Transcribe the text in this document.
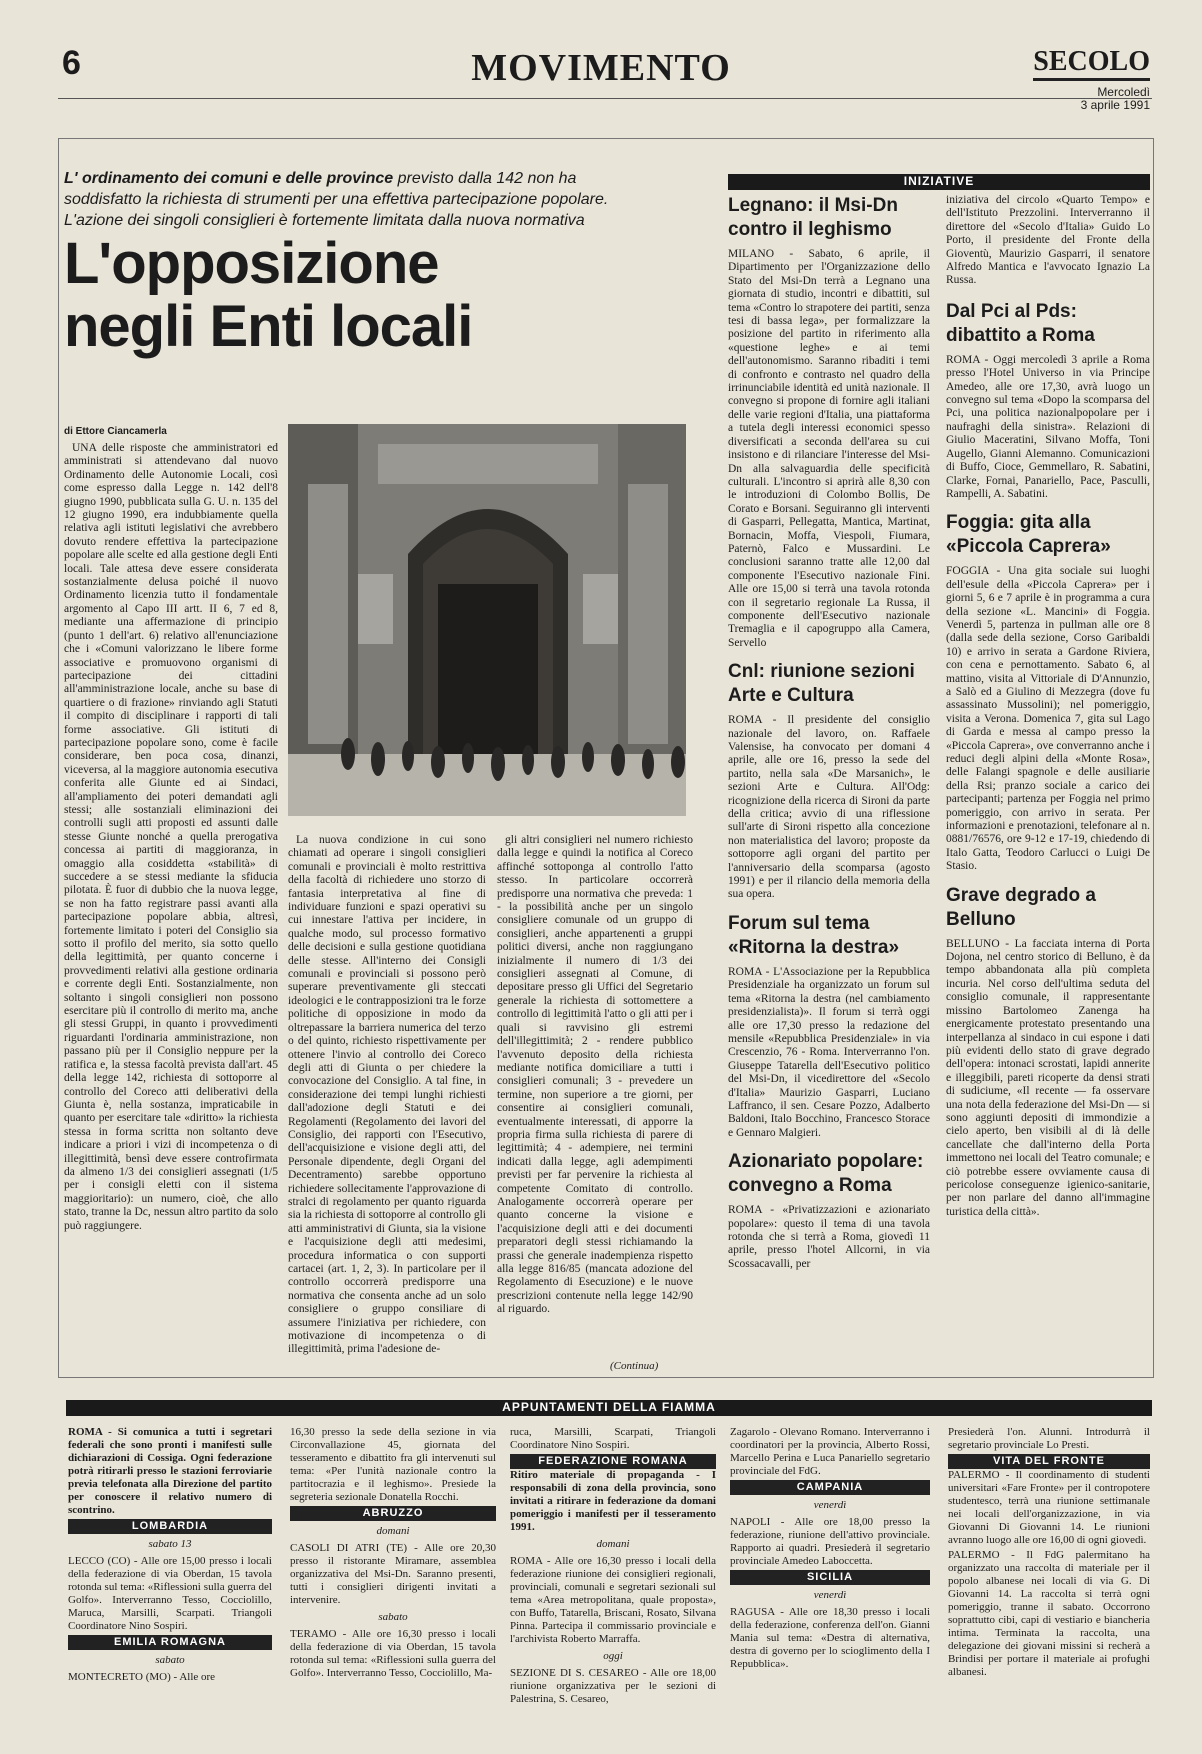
6	MOVIMENTO	SECOLO
Mercoledì
3 aprile 1991
L' ordinamento dei comuni e delle province previsto dalla 142 non ha soddisfatto la richiesta di strumenti per una effettiva partecipazione popolare. L'azione dei singoli consiglieri è fortemente limitata dalla nuova normativa
L'opposizione
negli Enti locali
di Ettore Ciancamerla

UNA delle risposte che amministratori ed amministrati si attendevano dal nuovo Ordinamento delle Autonomie Locali, così come espresso dalla Legge n. 142 dell'8 giugno 1990, pubblicata sulla G. U. n. 135 del 12 giugno 1990, era indubbiamente quella relativa agli istituti legislativi che avrebbero dovuto rendere effettiva la partecipazione popolare alle scelte ed alla gestione degli Enti locali. Tale attesa deve essere considerata sostanzialmente delusa poiché il nuovo Ordinamento licenzia tutto il fondamentale argomento al Capo III artt. II 6, 7 ed 8, mediante una affermazione di principio (punto 1 dell'art. 6) relativo all'enunciazione che i «Comuni valorizzano le libere forme associative e promuovono organismi di partecipazione dei cittadini all'amministrazione locale, anche su base di quartiere o di frazione» rinviando agli Statuti il compito di disciplinare i rapporti di tali forme associative. Gli istituti di partecipazione popolare sono, come è facile considerare, ben poca cosa, dinanzi, viceversa, al la maggiore autonomia esecutiva conferita alle Giunte ed ai Sindaci, all'ampliamento dei poteri demandati agli stessi; alle sostanziali eliminazioni dei controlli sugli atti proposti ed assunti dalle stesse Giunte nonché a quella prerogativa concessa ai partiti di maggioranza, in omaggio alla cosiddetta «stabilità» di succedere a se stessi mediante la sfiducia pilotata. È fuor di dubbio che la nuova legge, se non ha fatto registrare passi avanti alla partecipazione popolare abbia, altresì, fortemente limitato i poteri del Consiglio sia sotto il profilo del merito, sia sotto quello della legittimità, per quanto concerne i provvedimenti relativi alla gestione ordinaria e corrente degli Enti. Sostanzialmente, non soltanto i singoli consiglieri non possono esercitare più il controllo di merito ma, anche gli stessi Gruppi, in quanto i provvedimenti riguardanti l'ordinaria amministrazione, non passano più per il Consiglio neppure per la ratifica e, la stessa facoltà prevista dall'art. 45 della legge 142, richiesta di sottoporre al controllo del Coreco atti deliberativi della Giunta è, nella sostanza, impraticabile in quanto per esercitare tale «diritto» la richiesta stessa in forma scritta non soltanto deve indicare a priori i vizi di incompetenza o di illegittimità, bensì deve essere controfirmata da almeno 1/3 dei consiglieri assegnati (1/5 per i consigli eletti con il sistema maggioritario): un numero, cioè, che allo stato, tranne la Dc, nessun altro partito da solo può raggiungere.

La nuova condizione in cui sono chiamati ad operare i singoli consiglieri comunali e provinciali è molto restrittiva della facoltà di richiedere uno storzo di fantasia interpretativa al fine di individuare funzioni e spazi operativi su cui innestare l'attiva per incidere, in qualche modo, sul processo formativo delle decisioni e sulla gestione quotidiana delle stesse. All'interno dei Consigli comunali e provinciali si possono però superare preventivamente gli steccati ideologici e le contrapposizioni tra le forze politiche di opposizione in modo da oltrepassare la barriera numerica del terzo o del quinto, richiesto rispettivamente per ottenere l'invio al controllo dei Coreco degli atti di Giunta o per chiedere la convocazione del Consiglio. A tal fine, in considerazione dei tempi lunghi richiesti dall'adozione degli Statuti e dei Regolamenti (Regolamento dei lavori del Consiglio, dei rapporti con l'Esecutivo, dell'acquisizione e visione degli atti, del Personale dipendente, degli Organi del Decentramento) sarebbe opportuno richiedere sollecitamente l'approvazione di stralci di regolamento per quanto riguarda sia la richiesta di sottoporre al controllo gli atti amministrativi di Giunta, sia la visione e l'acquisizione degli atti medesimi, procedura informatica o con supporti cartacei (art. 1, 2, 3). In particolare per il controllo occorrerà predisporre una normativa che consenta anche ad un solo consigliere o gruppo consiliare di assumere l'iniziativa per richiedere, con motivazione di incompetenza o di illegittimità, prima l'adesione de-

gli altri consiglieri nel numero richiesto dalla legge e quindi la notifica al Coreco affinché sottoponga al controllo l'atto stesso. In particolare occorrerà predisporre una normativa che preveda: 1 - la possibilità anche per un singolo consigliere comunale od un gruppo di consiglieri, anche appartenenti a gruppi politici diversi, anche non raggiungano inizialmente il numero di 1/3 dei consiglieri assegnati al Comune, di depositare presso gli Uffici del Segretario generale la richiesta di sottomettere a controllo di legittimità l'atto o gli atti per i quali si ravvisino gli estremi dell'illegittimità; 2 - rendere pubblico l'avvenuto deposito della richiesta mediante notifica domiciliare a tutti i consiglieri comunali; 3 - prevedere un termine, non superiore a tre giorni, per consentire ai consiglieri comunali, eventualmente interessati, di apporre la propria firma sulla richiesta di parere di legittimità; 4 - adempiere, nei termini indicati dalla legge, agli adempimenti previsti per far pervenire la richiesta al competente Comitato di controllo. Analogamente occorrerà operare per quanto concerne la visione e l'acquisizione degli atti e dei documenti preparatori degli stessi richiamando la prassi che generale inadempienza rispetto alla legge 816/85 (mancata adozione del Regolamento di Esecuzione) e le nuove prescrizioni contenute nella legge 142/90 al riguardo.

(Continua)
INIZIATIVE
Legnano: il Msi-Dn contro il leghismo
MILANO - Sabato, 6 aprile, il Dipartimento per l'Organizzazione dello Stato del Msi-Dn terrà a Legnano una giornata di studio, incontri e dibattiti, sul tema «Contro lo strapotere dei partiti, senza tesi di bassa lega», per formalizzare la posizione del partito in riferimento alla «questione leghe» e ai temi dell'autonomismo. Saranno ribaditi i temi di confronto e contrasto nel quadro della irrinunciabile identità ed unità nazionale. Il convegno si propone di fornire agli italiani delle varie regioni d'Italia, una piattaforma a tutela degli interessi economici spesso diversificati a seconda dell'area su cui insistono e di rilanciare l'interesse del Msi-Dn alla salvaguardia delle specificità culturali. L'incontro si aprirà alle 8,30 con le introduzioni di Colombo Bollis, De Corato e Borsani. Seguiranno gli interventi di Gasparri, Pellegatta, Mantica, Martinat, Bornacin, Moffa, Viespoli, Fiumara, Paternò, Falco e Mussardini. Le conclusioni saranno tratte alle 12,00 dal componente l'Esecutivo nazionale Fini. Alle ore 15,00 si terrà una tavola rotonda con il segretario regionale La Russa, il componente dell'Esecutivo nazionale Tremaglia e il capogruppo alla Camera, Servello
Cnl: riunione sezioni Arte e Cultura
ROMA - Il presidente del consiglio nazionale del lavoro, on. Raffaele Valensise, ha convocato per domani 4 aprile, alle ore 16, presso la sede del partito, nella sala «De Marsanich», le sezioni Arte e Cultura. All'Odg: ricognizione della ricerca di Sironi da parte della critica; avvio di una riflessione sull'arte di Sironi rispetto alla concezione non materialistica del lavoro; proposte da sottoporre agli organi del partito per l'anniversario della scomparsa (agosto 1991) e per il rilancio della memoria della sua opera.
Forum sul tema «Ritorna la destra»
ROMA - L'Associazione per la Repubblica Presidenziale ha organizzato un forum sul tema «Ritorna la destra (nel cambiamento presidenzialista)». Il forum si terrà oggi alle ore 17,30 presso la redazione del mensile «Repubblica Presidenziale» in via Crescenzio, 76 - Roma. Interverranno l'on. Giuseppe Tatarella dell'Esecutivo politico del Msi-Dn, il vicedirettore del «Secolo d'Italia» Maurizio Gasparri, Luciano Laffranco, il sen. Cesare Pozzo, Adalberto Baldoni, Italo Bocchino, Francesco Storace e Gennaro Malgieri.
Azionariato popolare: convegno a Roma
ROMA - «Privatizzazioni e azionariato popolare»: questo il tema di una tavola rotonda che si terrà a Roma, giovedì 11 aprile, presso l'hotel Allcorni, in via Scossacavalli, per
iniziativa del circolo «Quarto Tempo» e dell'Istituto Prezzolini. Interverranno il direttore del «Secolo d'Italia» Guido Lo Porto, il presidente del Fronte della Gioventù, Maurizio Gasparri, il senatore Alfredo Mantica e l'avvocato Ignazio La Russa.
Dal Pci al Pds: dibattito a Roma
ROMA - Oggi mercoledì 3 aprile a Roma presso l'Hotel Universo in via Principe Amedeo, alle ore 17,30, avrà luogo un convegno sul tema «Dopo la scomparsa del Pci, una politica nazionalpopolare per i naufraghi della sinistra». Relazioni di Giulio Maceratini, Silvano Moffa, Toni Augello, Gianni Alemanno. Comunicazioni di Buffo, Cioce, Gemmellaro, R. Sabatini, Clarke, Fornai, Panariello, Pace, Pasculli, Rampelli, A. Sabatini.
Foggia: gita alla «Piccola Caprera»
FOGGIA - Una gita sociale sui luoghi dell'esule della «Piccola Caprera» per i giorni 5, 6 e 7 aprile è in programma a cura della sezione «L. Mancini» di Foggia. Venerdì 5, partenza in pullman alle ore 8 (dalla sede della sezione, Corso Garibaldi 10) e arrivo in serata a Gardone Riviera, con cena e pernottamento. Sabato 6, al mattino, visita al Vittoriale di D'Annunzio, a Salò ed a Giulino di Mezzegra (dove fu assassinato Mussolini); nel pomeriggio, visita a Verona. Domenica 7, gita sul Lago di Garda e messa al campo presso la «Piccola Caprera», ove converranno anche i reduci degli alpini della «Monte Rosa», delle Falangi spagnole e delle ausiliarie della Rsi; pranzo sociale a carico dei partecipanti; partenza per Foggia nel primo pomeriggio, con arrivo in serata. Per informazioni e prenotazioni, telefonare al n. 0881/76576, ore 9-12 e 17-19, chiedendo di Italo Gatta, Teodoro Carlucci o Luigi De Stasio.
Grave degrado a Belluno
BELLUNO - La facciata interna di Porta Dojona, nel centro storico di Belluno, è da tempo abbandonata alla più completa incuria. Nel corso dell'ultima seduta del consiglio comunale, il rappresentante missino Bartolomeo Zanenga ha energicamente protestato presentando una interpellanza al sindaco in cui espone i dati più evidenti dello stato di grave degrado dell'opera: intonaci scrostati, lapidi annerite e illeggibili, pareti ricoperte da densi strati di sudiciume, «Il recente — fa osservare una nota della federazione del Msi-Dn — si sono aggiunti depositi di immondizie a cielo aperto, ben visibili al di là delle cancellate che dall'interno della Porta immettono nei locali del Teatro comunale; e ciò potrebbe essere ovviamente causa di pericolose conseguenze igienico-sanitarie, per non parlare del danno all'immagine turistica della città».
APPUNTAMENTI DELLA FIAMMA

ROMA - Si comunica a tutti i segretari federali che sono pronti i manifesti sulle dichiarazioni di Cossiga. Ogni federazione potrà ritirarli presso le stazioni ferroviarie previa telefonata alla Direzione del partito per conoscere il relativo numero di scontrino.

LOMBARDIA

sabato 13

LECCO (CO) - Alle ore 15,00 presso i locali della federazione di via Oberdan, 15 tavola rotonda sul tema: «Riflessioni sulla guerra del Golfo». Interverranno Tesso, Cocciolillo, Maruca, Marsilli, Scarpati. Triangoli Coordinatore Nino Sospiri.

EMILIA ROMAGNA

sabato

MONTECRETO (MO) - Alle ore

16,30 presso la sede della sezione in via Circonvallazione 45, giornata del tesseramento e dibattito fra gli intervenuti sul tema: «Per l'unità nazionale contro la partitocrazia e il leghismo». Presiede la segreteria sezionale Donatella Rocchi.

ABRUZZO

domani

CASOLI DI ATRI (TE) - Alle ore 20,30 presso il ristorante Miramare, assemblea organizzativa del Msi-Dn. Saranno presenti, tutti i consiglieri dirigenti invitati a intervenire.

sabato

TERAMO - Alle ore 16,30 presso i locali della federazione di via Oberdan, 15 tavola rotonda sul tema: «Riflessioni sulla guerra del Golfo». Interverranno Tesso, Cocciolillo, Ma-

ruca, Marsilli, Scarpati, Triangoli Coordinatore Nino Sospiri.

FEDERAZIONE ROMANA

Ritiro materiale di propaganda - I responsabili di zona della provincia, sono invitati a ritirare in federazione da domani pomeriggio i manifesti per il tesseramento 1991.

domani

ROMA - Alle ore 16,30 presso i locali della federazione riunione dei consiglieri regionali, provinciali, comunali e segretari sezionali sul tema «Area metropolitana, quale proposta», con Buffo, Tatarella, Briscani, Rosato, Silvana Pinna. Partecipa il commissario provinciale e l'archivista Roberto Marraffa.

oggi

SEZIONE DI S. CESAREO - Alle ore 18,00 riunione organizzativa per le sezioni di Palestrina, S. Cesareo,

Zagarolo - Olevano Romano. Interverranno i coordinatori per la provincia, Alberto Rossi, Marcello Perina e Luca Panariello segretario provinciale del FdG.

CAMPANIA

venerdì

NAPOLI - Alle ore 18,00 presso la federazione, riunione dell'attivo provinciale. Rapporto ai quadri. Presiederà il segretario provinciale Amedeo Laboccetta.

SICILIA

venerdì

RAGUSA - Alle ore 18,30 presso i locali della federazione, conferenza dell'on. Gianni Mania sul tema: «Destra di alternativa, destra di governo per lo scioglimento della I Repubblica».

Presiederà l'on. Alunni. Introdurrà il segretario provinciale Lo Presti.

VITA DEL FRONTE

PALERMO - Il coordinamento di studenti universitari «Fare Fronte» per il contropotere studentesco, terrà una riunione settimanale nei locali dell'organizzazione, in via Giovanni Di Giovanni 14. Le riunioni avranno luogo alle ore 16,00 di ogni giovedì.

PALERMO - Il FdG palermitano ha organizzato una raccolta di materiale per il popolo albanese nei locali di via G. Di Giovanni 14. La raccolta si terrà ogni pomeriggio, tranne il sabato. Occorrono soprattutto cibi, capi di vestiario e biancheria intima. Terminata la raccolta, una delegazione dei giovani missini si recherà a Brindisi per portare il materiale ai profughi albanesi.
